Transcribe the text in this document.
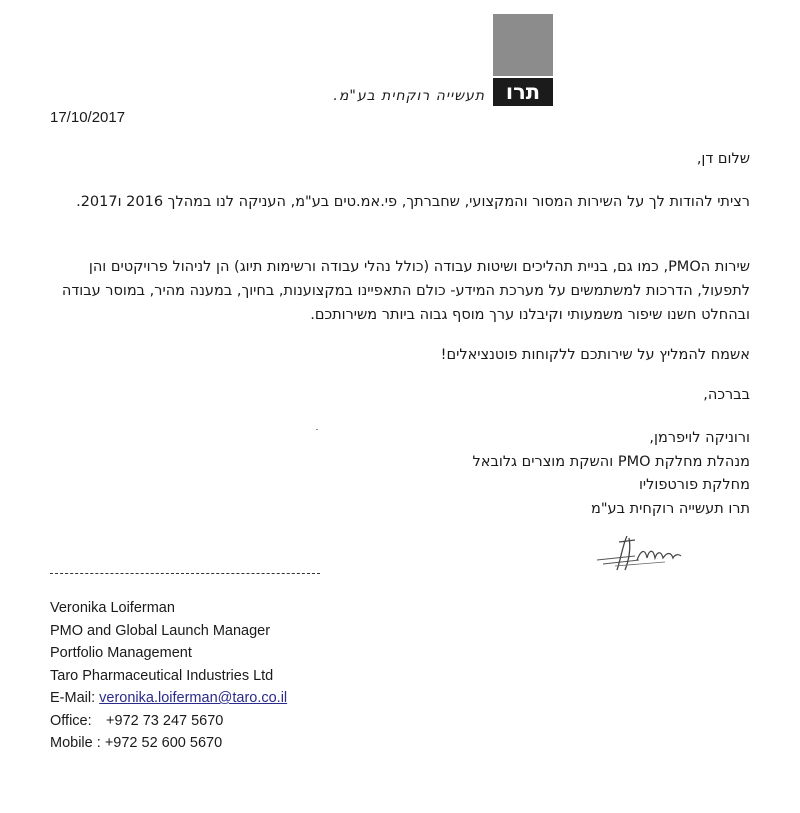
תרו
תעשייה רוקחית בע"מ.
17/10/2017
שלום דן,
רציתי להודות לך על השירות המסור והמקצועי, שחברתך, פי.אמ.טים בע"מ, העניקה לנו במהלך 2016 ו2017.
שירות הPMO, כמו גם, בניית תהליכים ושיטות עבודה (כולל נהלי עבודה ורשימות תיוג) הן לניהול פרויקטים והן לתפעול, הדרכות למשתמשים על מערכת המידע- כולם התאפיינו במקצוענות, בחיוך, במענה מהיר, במוסר עבודה ובהחלט חשנו שיפור משמעותי וקיבלנו ערך מוסף גבוה ביותר משירותכם.
אשמח להמליץ על שירותכם ללקוחות פוטנציאלים!
בברכה,
ורוניקה לויפרמן,
מנהלת מחלקת PMO והשקת מוצרים גלובאל
מחלקת פורטפוליו
תרו תעשייה רוקחית בע"מ
Veronika Loiferman
PMO and Global Launch Manager
Portfolio Management
Taro Pharmaceutical Industries Ltd
E-Mail: veronika.loiferman@taro.co.il
Office: +972 73 247 5670
Mobile : +972 52 600 5670
